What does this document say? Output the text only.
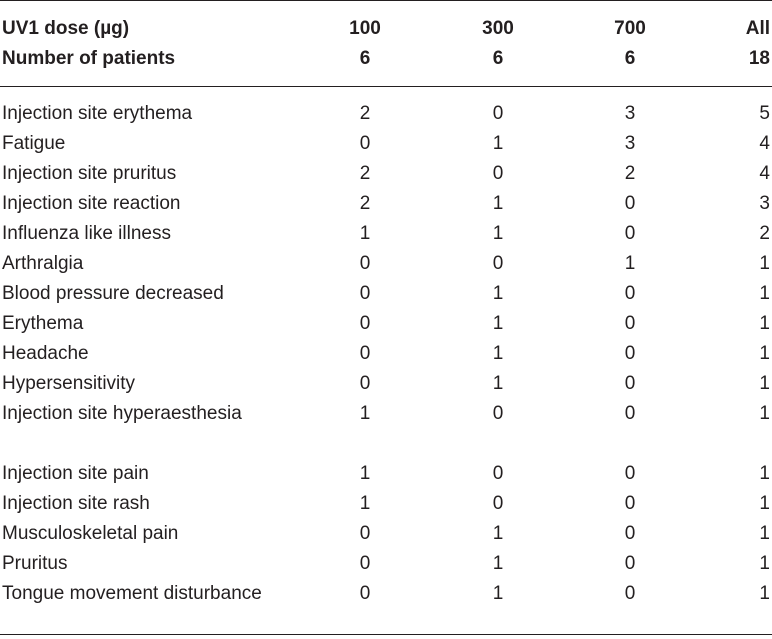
UV1 dose (µg)	100	300	700	All
Number of patients	6	6	6	18
Injection site erythema	2	0	3	5
Fatigue	0	1	3	4
Injection site pruritus	2	0	2	4
Injection site reaction	2	1	0	3
Influenza like illness	1	1	0	2
Arthralgia	0	0	1	1
Blood pressure decreased	0	1	0	1
Erythema	0	1	0	1
Headache	0	1	0	1
Hypersensitivity	0	1	0	1
Injection site hyperaesthesia	1	0	0	1
Injection site pain	1	0	0	1
Injection site rash	1	0	0	1
Musculoskeletal pain	0	1	0	1
Pruritus	0	1	0	1
Tongue movement disturbance	0	1	0	1
